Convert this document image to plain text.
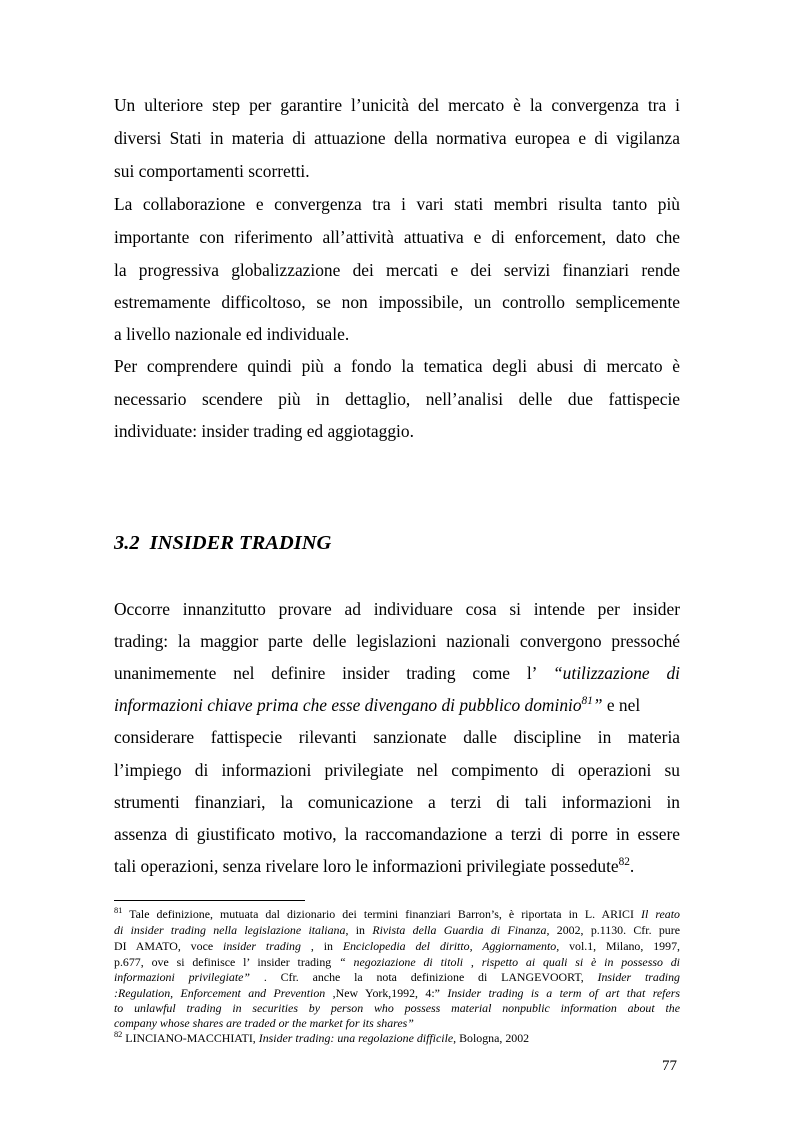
Un ulteriore step per garantire l’unicità del mercato è la convergenza tra i
diversi Stati in materia di attuazione della normativa europea e di vigilanza
sui comportamenti scorretti.
La collaborazione e convergenza tra i vari stati membri risulta tanto più
importante con riferimento all’attività attuativa e di enforcement, dato che
la progressiva globalizzazione dei mercati e dei servizi finanziari rende
estremamente difficoltoso, se non impossibile, un controllo semplicemente
a livello nazionale ed individuale.
Per comprendere quindi più a fondo la tematica degli abusi di mercato è
necessario scendere più in dettaglio, nell’analisi delle due fattispecie
individuate: insider trading ed aggiotaggio.
3.2 INSIDER TRADING
Occorre innanzitutto provare ad individuare cosa si intende per insider
trading: la maggior parte delle legislazioni nazionali convergono pressoché
unanimemente nel definire insider trading come l’ “utilizzazione di
informazioni chiave prima che esse divengano di pubblico dominio$^{81}$” e nel
considerare fattispecie rilevanti sanzionate dalle discipline in materia
l’impiego di informazioni privilegiate nel compimento di operazioni su
strumenti finanziari, la comunicazione a terzi di tali informazioni in
assenza di giustificato motivo, la raccomandazione a terzi di porre in essere
tali operazioni, senza rivelare loro le informazioni privilegiate possedute$^{82}$.
$^{81}$ Tale definizione, mutuata dal dizionario dei termini finanziari Barron’s, è riportata in L. ARICI Il reato
di insider trading nella legislazione italiana, in Rivista della Guardia di Finanza, 2002, p.1130. Cfr. pure
DI AMATO, voce insider trading , in Enciclopedia del diritto, Aggiornamento, vol.1, Milano, 1997,
p.677, ove si definisce l’ insider trading “ negoziazione di titoli , rispetto ai quali si è in possesso di
informazioni privilegiate” . Cfr. anche la nota definizione di LANGEVOORT, Insider trading
:Regulation, Enforcement and Prevention ,New York,1992, 4:” Insider trading is a term of art that refers
to unlawful trading in securities by person who possess material nonpublic information about the
company whose shares are traded or the market for its shares”
$^{82}$ LINCIANO-MACCHIATI, Insider trading: una regolazione difficile, Bologna, 2002
77
